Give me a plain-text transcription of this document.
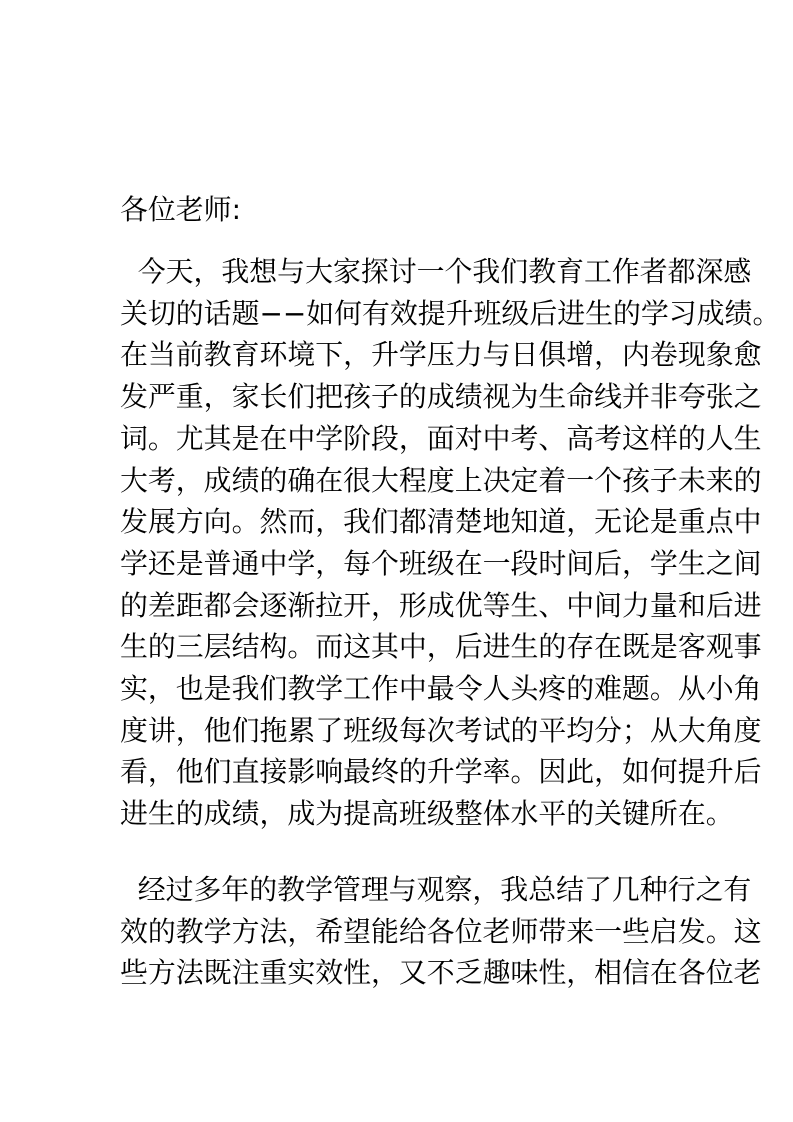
各位老师:
今天，我想与大家探讨一个我们教育工作者都深感
关切的话题−−如何有效提升班级后进生的学习成绩。
在当前教育环境下，升学压力与日俱增，内卷现象愈
发严重，家长们把孩子的成绩视为生命线并非夸张之
词。尤其是在中学阶段，面对中考、高考这样的人生
大考，成绩的确在很大程度上决定着一个孩子未来的
发展方向。然而，我们都清楚地知道，无论是重点中
学还是普通中学，每个班级在一段时间后，学生之间
的差距都会逐渐拉开，形成优等生、中间力量和后进
生的三层结构。而这其中，后进生的存在既是客观事
实，也是我们教学工作中最令人头疼的难题。从小角
度讲，他们拖累了班级每次考试的平均分；从大角度
看，他们直接影响最终的升学率。因此，如何提升后
进生的成绩，成为提高班级整体水平的关键所在。
经过多年的教学管理与观察，我总结了几种行之有
效的教学方法，希望能给各位老师带来一些启发。这
些方法既注重实效性，又不乏趣味性，相信在各位老
